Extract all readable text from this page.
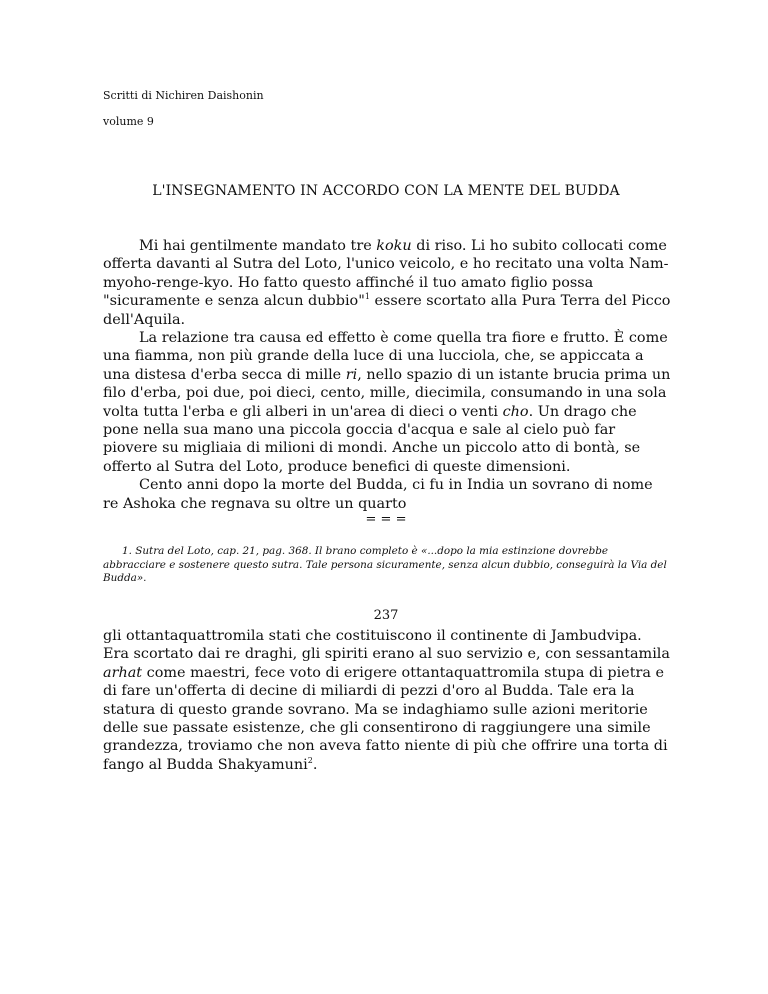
Scritti di Nichiren Daishonin
volume 9
L'INSEGNAMENTO IN ACCORDO CON LA MENTE DEL BUDDA

Mi hai gentilmente mandato tre koku di riso. Li ho subito collocati come offerta davanti al Sutra del Loto, l'unico veicolo, e ho recitato una volta Nam-myoho-renge-kyo. Ho fatto questo affinché il tuo amato figlio possa "sicuramente e senza alcun dubbio"$^1$ essere scortato alla Pura Terra del Picco dell'Aquila.

La relazione tra causa ed effetto è come quella tra fiore e frutto. È come una fiamma, non più grande della luce di una lucciola, che, se appiccata a una distesa d'erba secca di mille ri, nello spazio di un istante brucia prima un filo d'erba, poi due, poi dieci, cento, mille, diecimila, consumando in una sola volta tutta l'erba e gli alberi in un'area di dieci o venti cho. Un drago che pone nella sua mano una piccola goccia d'acqua e sale al cielo può far piovere su migliaia di milioni di mondi. Anche un piccolo atto di bontà, se offerto al Sutra del Loto, produce benefici di queste dimensioni.

Cento anni dopo la morte del Budda, ci fu in India un sovrano di nome re Ashoka che regnava su oltre un quarto

= = =

1. Sutra del Loto, cap. 21, pag. 368. Il brano completo è «...dopo la mia estinzione dovrebbe abbracciare e sostenere questo sutra. Tale persona sicuramente, senza alcun dubbio, conseguirà la Via del Budda».

237

gli ottantaquattromila stati che costituiscono il continente di Jambudvipa. Era scortato dai re draghi, gli spiriti erano al suo servizio e, con sessantamila arhat come maestri, fece voto di erigere ottantaquattromila stupa di pietra e di fare un'offerta di decine di miliardi di pezzi d'oro al Budda. Tale era la statura di questo grande sovrano. Ma se indaghiamo sulle azioni meritorie delle sue passate esistenze, che gli consentirono di raggiungere una simile grandezza, troviamo che non aveva fatto niente di più che offrire una torta di fango al Budda Shakyamuni$^2$.
